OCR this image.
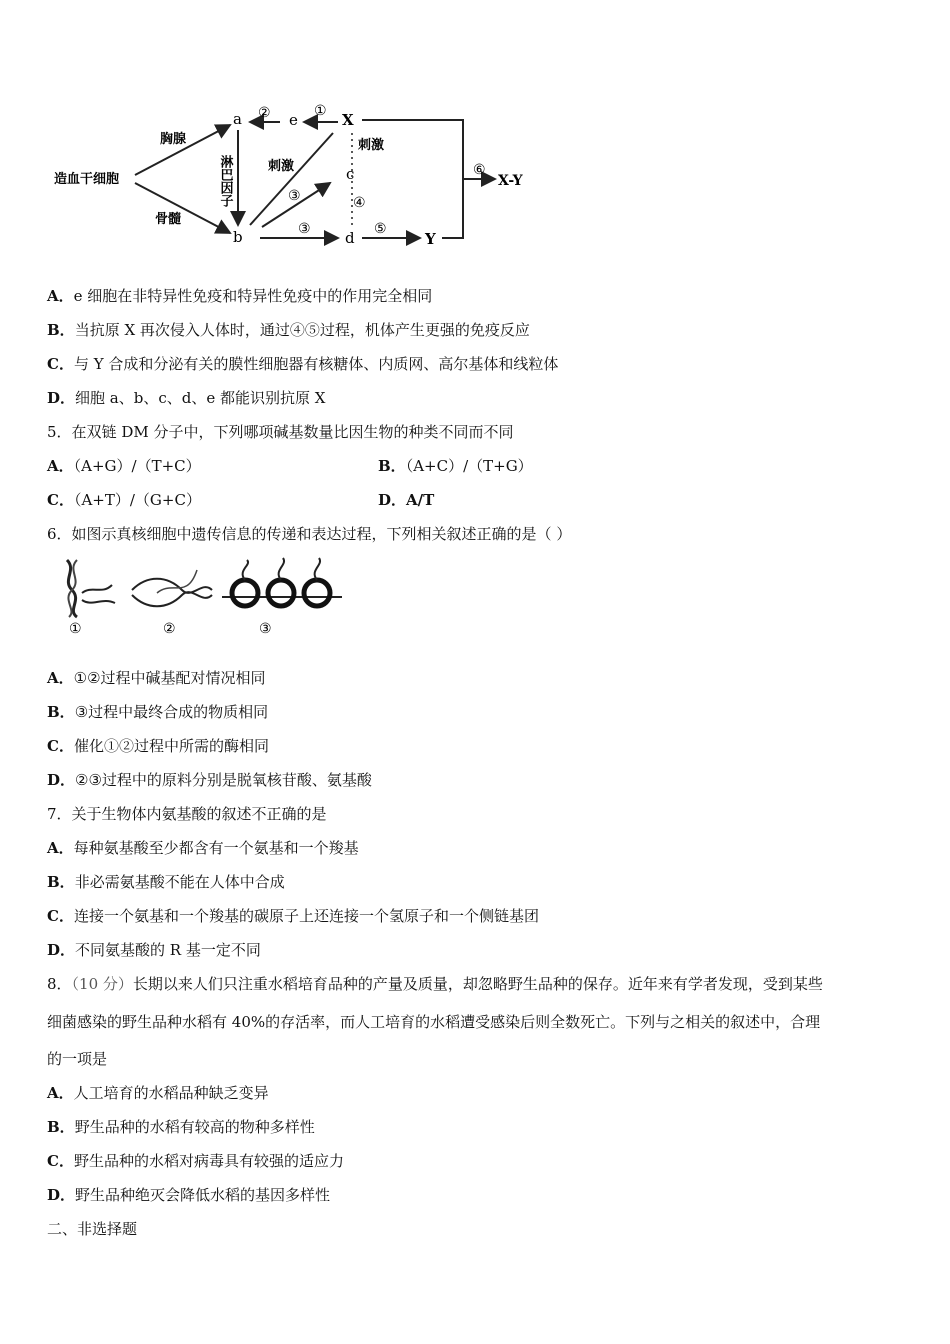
造血干细胞
胸腺
骨髓
a
b
淋巴因子
② e ① X
刺激
③
刺激
c
④
③ d ⑤
Y
⑥
X-Y
A．e 细胞在非特异性免疫和特异性免疫中的作用完全相同
B．当抗原 X 再次侵入人体时，通过④⑤过程，机体产生更强的免疫反应
C．与 Y 合成和分泌有关的膜性细胞器有核糖体、内质网、高尔基体和线粒体
D．细胞 a、b、c、d、e 都能识别抗原 X
5．在双链 DM 分子中，下列哪项碱基数量比因生物的种类不同而不同
A．（A+G）/（T+C）	B．（A+C）/（T+G）
C．（A+T）/（G+C）	D．A/T
6．如图示真核细胞中遗传信息的传递和表达过程，下列相关叙述正确的是（ ）
①	②	③
A．①②过程中碱基配对情况相同
B．③过程中最终合成的物质相同
C．催化①②过程中所需的酶相同
D．②③过程中的原料分别是脱氧核苷酸、氨基酸
7．关于生物体内氨基酸的叙述不正确的是
A．每种氨基酸至少都含有一个氨基和一个羧基
B．非必需氨基酸不能在人体中合成
C．连接一个氨基和一个羧基的碳原子上还连接一个氢原子和一个侧链基团
D．不同氨基酸的 R 基一定不同
8．（10 分）长期以来人们只注重水稻培育品种的产量及质量，却忽略野生品种的保存。近年来有学者发现，受到某些
细菌感染的野生品种水稻有 40%的存活率，而人工培育的水稻遭受感染后则全数死亡。下列与之相关的叙述中，合理
的一项是
A．人工培育的水稻品种缺乏变异
B．野生品种的水稻有较高的物种多样性
C．野生品种的水稻对病毒具有较强的适应力
D．野生品种绝灭会降低水稻的基因多样性
二、非选择题
